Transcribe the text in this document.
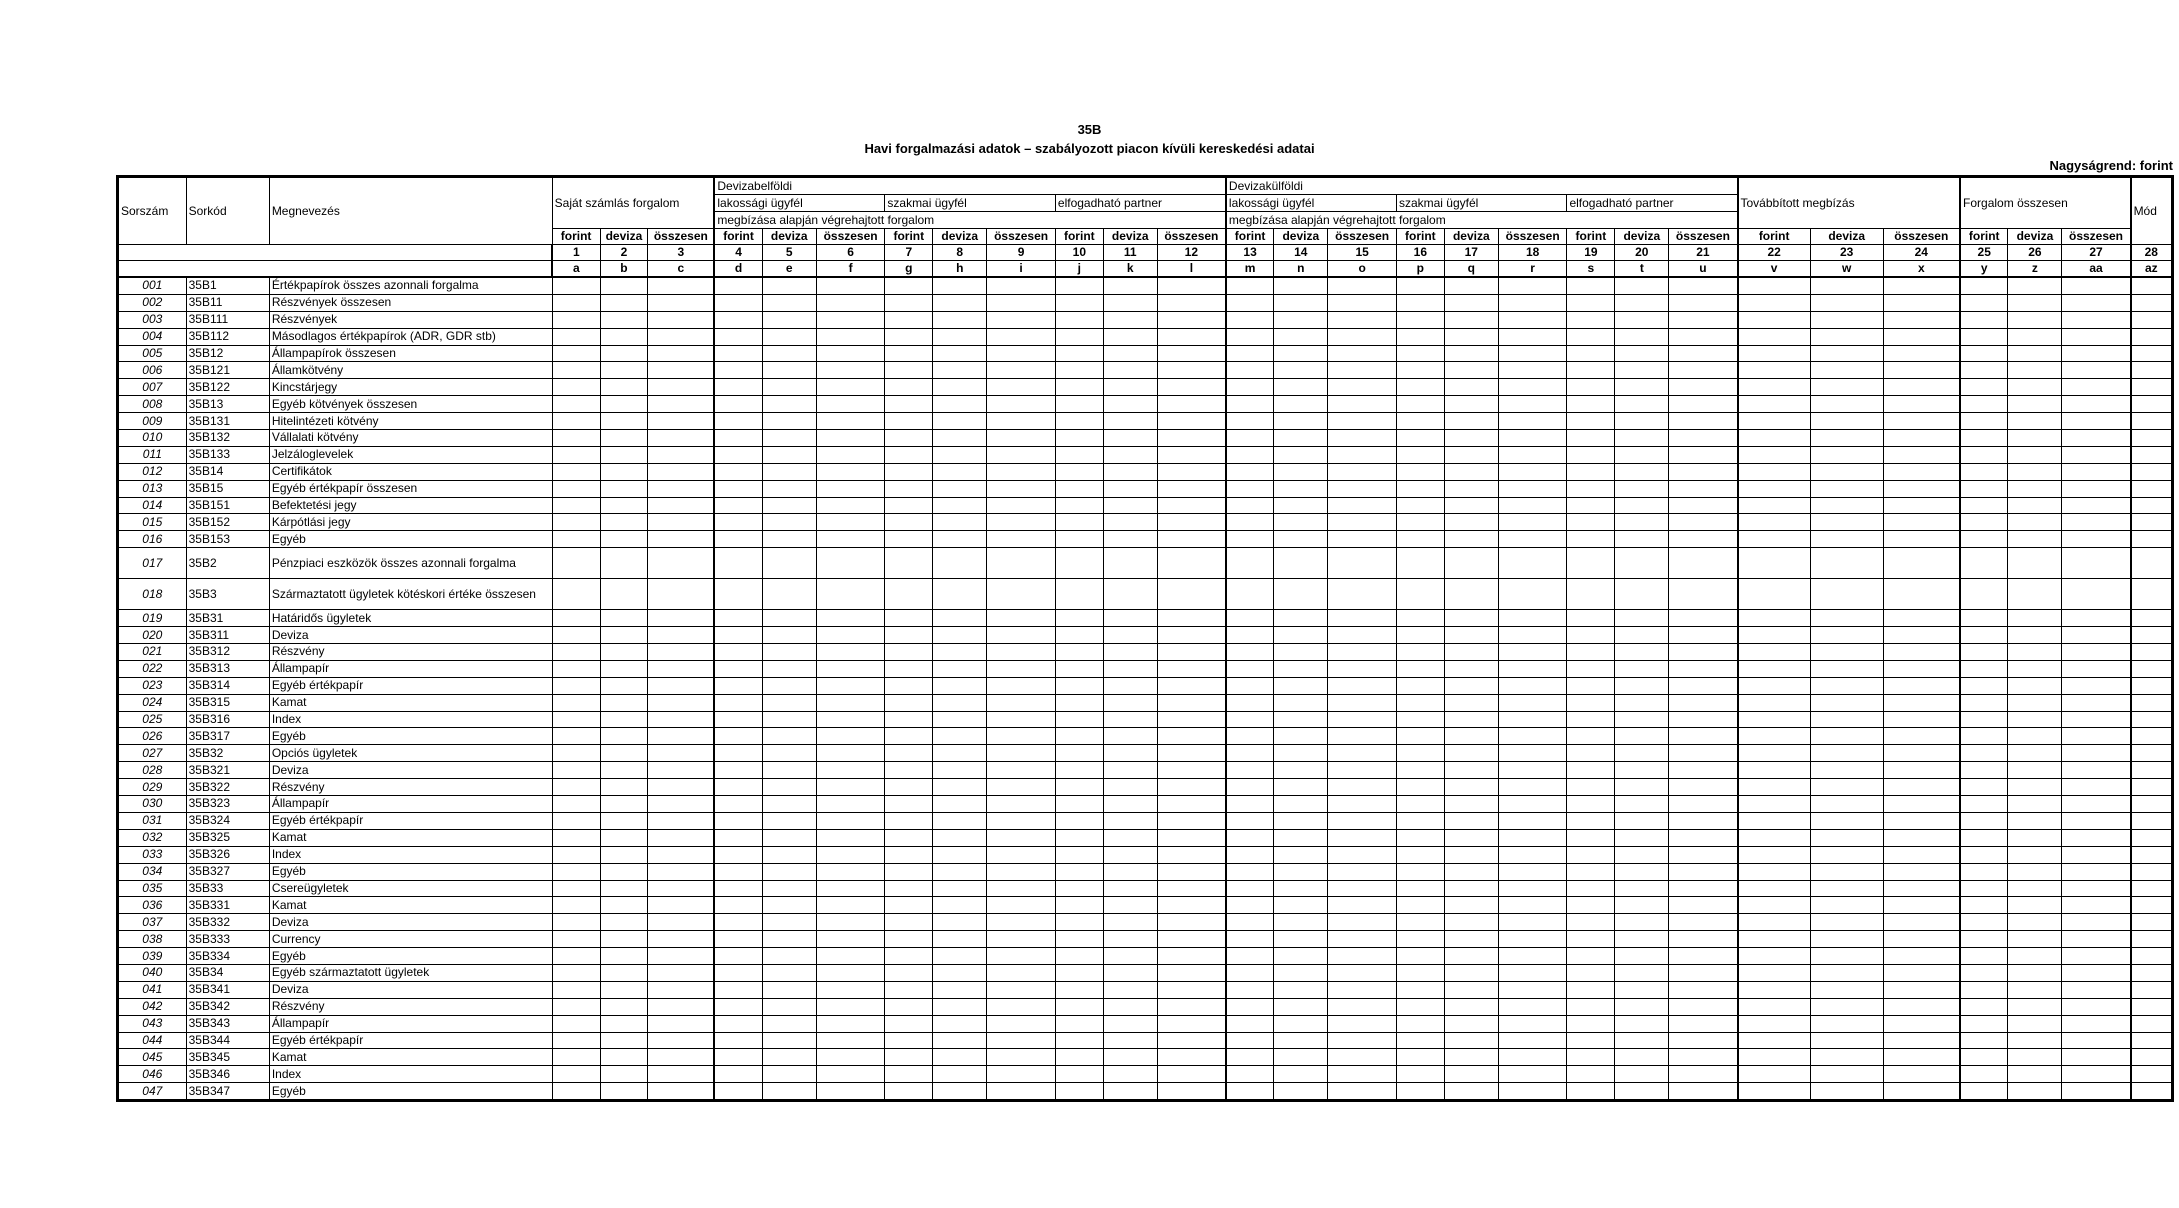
35B
Havi forgalmazási adatok – szabályozott piacon kívüli kereskedési adatai
Nagyságrend: forint
Sorszám	Sorkód	Megnevezés	Saját számlás forgalom			Devizabelföldi									Devizakülföldi									Továbbított megbízás			Forgalom összesen			Mód
						lakossági ügyfél			szakmai ügyfél			elfogadható partner			lakossági ügyfél			szakmai ügyfél			elfogadható partner									
						megbízása alapján végrehajtott forgalom									megbízása alapján végrehajtott forgalom															
			forint	deviza	összesen	forint	deviza	összesen	forint	deviza	összesen	forint	deviza	összesen	forint	deviza	összesen	forint	deviza	összesen	forint	deviza	összesen	forint	deviza	összesen	forint	deviza	összesen	
			1	2	3	4	5	6	7	8	9	10	11	12	13	14	15	16	17	18	19	20	21	22	23	24	25	26	27	28
			a	b	c	d	e	f	g	h	i	j	k	l	m	n	o	p	q	r	s	t	u	v	w	x	y	z	aa	az
001	35B1	Értékpapírok összes azonnali forgalma																												
002	35B11	Részvények összesen																												
003	35B111	Részvények																												
004	35B112	Másodlagos értékpapírok (ADR, GDR stb)																												
005	35B12	Állampapírok összesen																												
006	35B121	Államkötvény																												
007	35B122	Kincstárjegy																												
008	35B13	Egyéb kötvények összesen																												
009	35B131	Hitelintézeti kötvény																												
010	35B132	Vállalati kötvény																												
011	35B133	Jelzáloglevelek																												
012	35B14	Certifikátok																												
013	35B15	Egyéb értékpapír összesen																												
014	35B151	Befektetési jegy																												
015	35B152	Kárpótlási jegy																												
016	35B153	Egyéb																												
017	35B2	Pénzpiaci eszközök összes azonnali forgalma																												
018	35B3	Származtatott ügyletek kötéskori értéke összesen																												
019	35B31	Határidős ügyletek																												
020	35B311	Deviza																												
021	35B312	Részvény																												
022	35B313	Állampapír																												
023	35B314	Egyéb értékpapír																												
024	35B315	Kamat																												
025	35B316	Index																												
026	35B317	Egyéb																												
027	35B32	Opciós ügyletek																												
028	35B321	Deviza																												
029	35B322	Részvény																												
030	35B323	Állampapír																												
031	35B324	Egyéb értékpapír																												
032	35B325	Kamat																												
033	35B326	Index																												
034	35B327	Egyéb																												
035	35B33	Csereügyletek																												
036	35B331	Kamat																												
037	35B332	Deviza																												
038	35B333	Currency																												
039	35B334	Egyéb																												
040	35B34	Egyéb származtatott ügyletek																												
041	35B341	Deviza																												
042	35B342	Részvény																												
043	35B343	Állampapír																												
044	35B344	Egyéb értékpapír																												
045	35B345	Kamat																												
046	35B346	Index																												
047	35B347	Egyéb																												
